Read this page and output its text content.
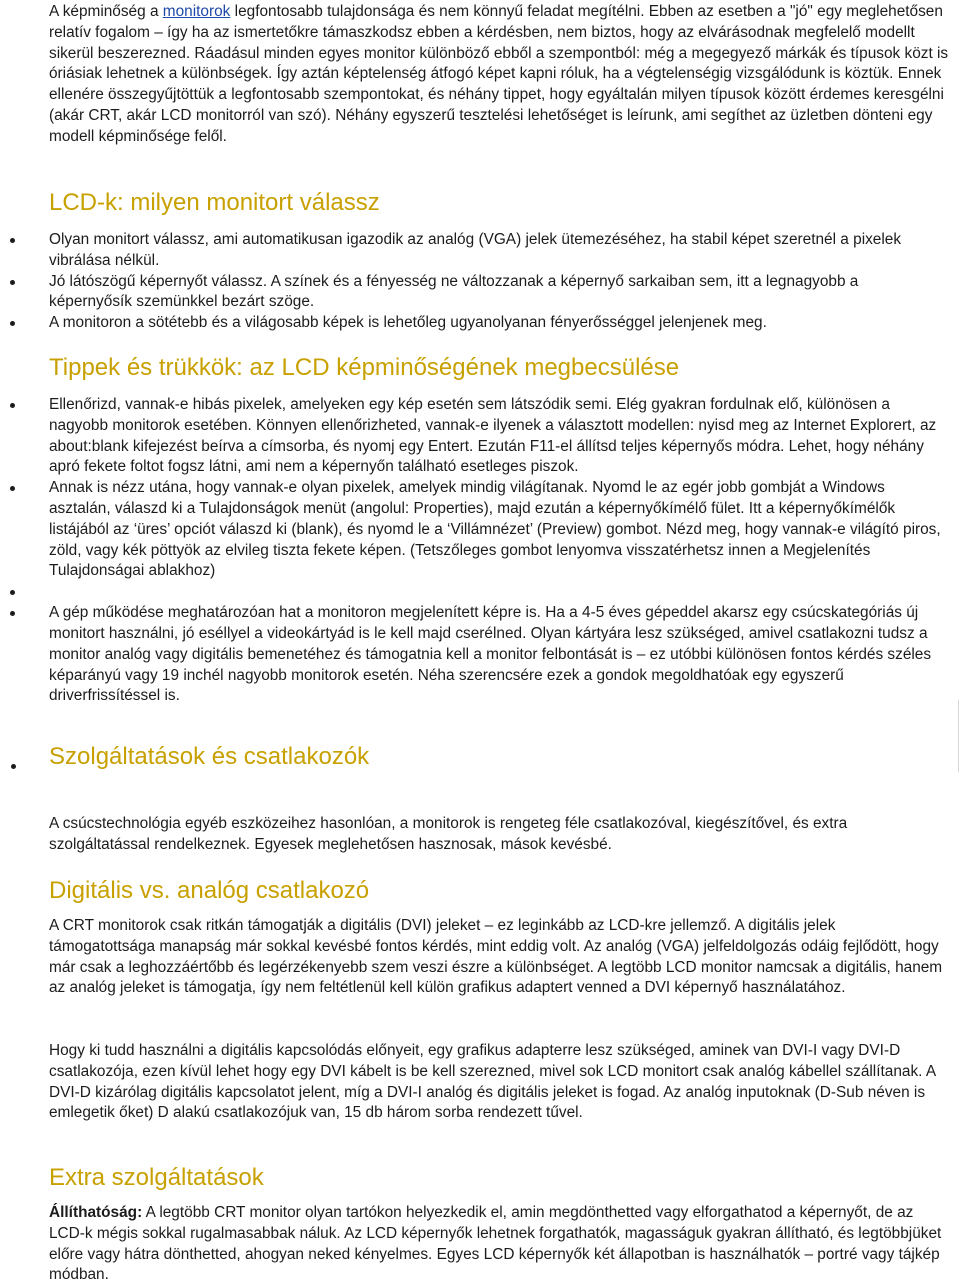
A képminőség a monitorok legfontosabb tulajdonsága és nem könnyű feladat megítélni. Ebben az esetben a "jó" egy meglehetősen relatív fogalom – így ha az ismertetőkre támaszkodsz ebben a kérdésben, nem biztos, hogy az elvárásodnak megfelelő modellt sikerül beszerezned. Ráadásul minden egyes monitor különböző ebből a szempontból: még a megegyező márkák és típusok közt is óriásiak lehetnek a különbségek. Így aztán képtelenség átfogó képet kapni róluk, ha a végtelenségig vizsgálódunk is köztük. Ennek ellenére összegyűjtöttük a legfontosabb szempontokat, és néhány tippet, hogy egyáltalán milyen típusok között érdemes keresgélni (akár CRT, akár LCD monitorról van szó). Néhány egyszerű tesztelési lehetőséget is leírunk, ami segíthet az üzletben dönteni egy modell képminősége felől.

LCD-k: milyen monitort válassz
Olyan monitort válassz, ami automatikusan igazodik az analóg (VGA) jelek ütemezéséhez, ha stabil képet szeretnél a pixelek vibrálása nélkül.
Jó látószögű képernyőt válassz. A színek és a fényesség ne változzanak a képernyő sarkaiban sem, itt a legnagyobb a képernyősík szemünkkel bezárt szöge.
A monitoron a sötétebb és a világosabb képek is lehetőleg ugyanolyanan fényerősséggel jelenjenek meg.
Tippek és trükkök: az LCD képminőségének megbecsülése
Ellenőrizd, vannak-e hibás pixelek, amelyeken egy kép esetén sem látszódik semi. Elég gyakran fordulnak elő, különösen a nagyobb monitorok esetében. Könnyen ellenőrizheted, vannak-e ilyenek a választott modellen: nyisd meg az Internet Explorert, az about:blank kifejezést beírva a címsorba, és nyomj egy Entert. Ezután F11-el állítsd teljes képernyős módra. Lehet, hogy néhány apró fekete foltot fogsz látni, ami nem a képernyőn található esetleges piszok.
Annak is nézz utána, hogy vannak-e olyan pixelek, amelyek mindig világítanak. Nyomd le az egér jobb gombját a Windows asztalán, válaszd ki a Tulajdonságok menüt (angolul: Properties), majd ezután a képernyőkímélő fület. Itt a képernyőkímélők listájából az ‘üres’ opciót válaszd ki (blank), és nyomd le a ‘Villámnézet’ (Preview) gombot. Nézd meg, hogy vannak-e világító piros, zöld, vagy kék pöttyök az elvileg tiszta fekete képen. (Tetszőleges gombot lenyomva visszatérhetsz innen a Megjelenítés Tulajdonságai ablakhoz)
A gép működése meghatározóan hat a monitoron megjelenített képre is. Ha a 4-5 éves gépeddel akarsz egy csúcskategóriás új monitort használni, jó eséllyel a videokártyád is le kell majd cserélned. Olyan kártyára lesz szükséged, amivel csatlakozni tudsz a monitor analóg vagy digitális bemenetéhez és támogatnia kell a monitor felbontását is – ez utóbbi különösen fontos kérdés széles képarányú vagy 19 inchél nagyobb monitorok esetén. Néha szerencsére ezek a gondok megoldhatóak egy egyszerű driverfrissítéssel is.
Szolgáltatások és csatlakozók

A csúcstechnológia egyéb eszközeihez hasonlóan, a monitorok is rengeteg féle csatlakozóval, kiegészítővel, és extra szolgáltatással rendelkeznek. Egyesek meglehetősen hasznosak, mások kevésbé.

Digitális vs. analóg csatlakozó

A CRT monitorok csak ritkán támogatják a digitális (DVI) jeleket – ez leginkább az LCD-kre jellemző. A digitális jelek támogatottsága manapság már sokkal kevésbé fontos kérdés, mint eddig volt. Az analóg (VGA) jelfeldolgozás odáig fejlődött, hogy már csak a leghozzáértőbb és legérzékenyebb szem veszi észre a különbséget. A legtöbb LCD monitor namcsak a digitális, hanem az analóg jeleket is támogatja, így nem feltétlenül kell külön grafikus adaptert venned a DVI képernyő használatához.

Hogy ki tudd használni a digitális kapcsolódás előnyeit, egy grafikus adapterre lesz szükséged, aminek van DVI-I vagy DVI-D csatlakozója, ezen kívül lehet hogy egy DVI kábelt is be kell szerezned, mivel sok LCD monitort csak analóg kábellel szállítanak. A DVI-D kizárólag digitális kapcsolatot jelent, míg a DVI-I analóg és digitális jeleket is fogad. Az analóg inputoknak (D-Sub néven is emlegetik őket) D alakú csatlakozójuk van, 15 db három sorba rendezett tűvel.

Extra szolgáltatások

Állíthatóság: A legtöbb CRT monitor olyan tartókon helyezkedik el, amin megdönthetted vagy elforgathatod a képernyőt, de az LCD-k mégis sokkal rugalmasabbak náluk. Az LCD képernyők lehetnek forgathatók, magasságuk gyakran állítható, és legtöbbjüket előre vagy hátra dönthetted, ahogyan neked kényelmes. Egyes LCD képernyők két állapotban is használhatók – portré vagy tájkép módban.
